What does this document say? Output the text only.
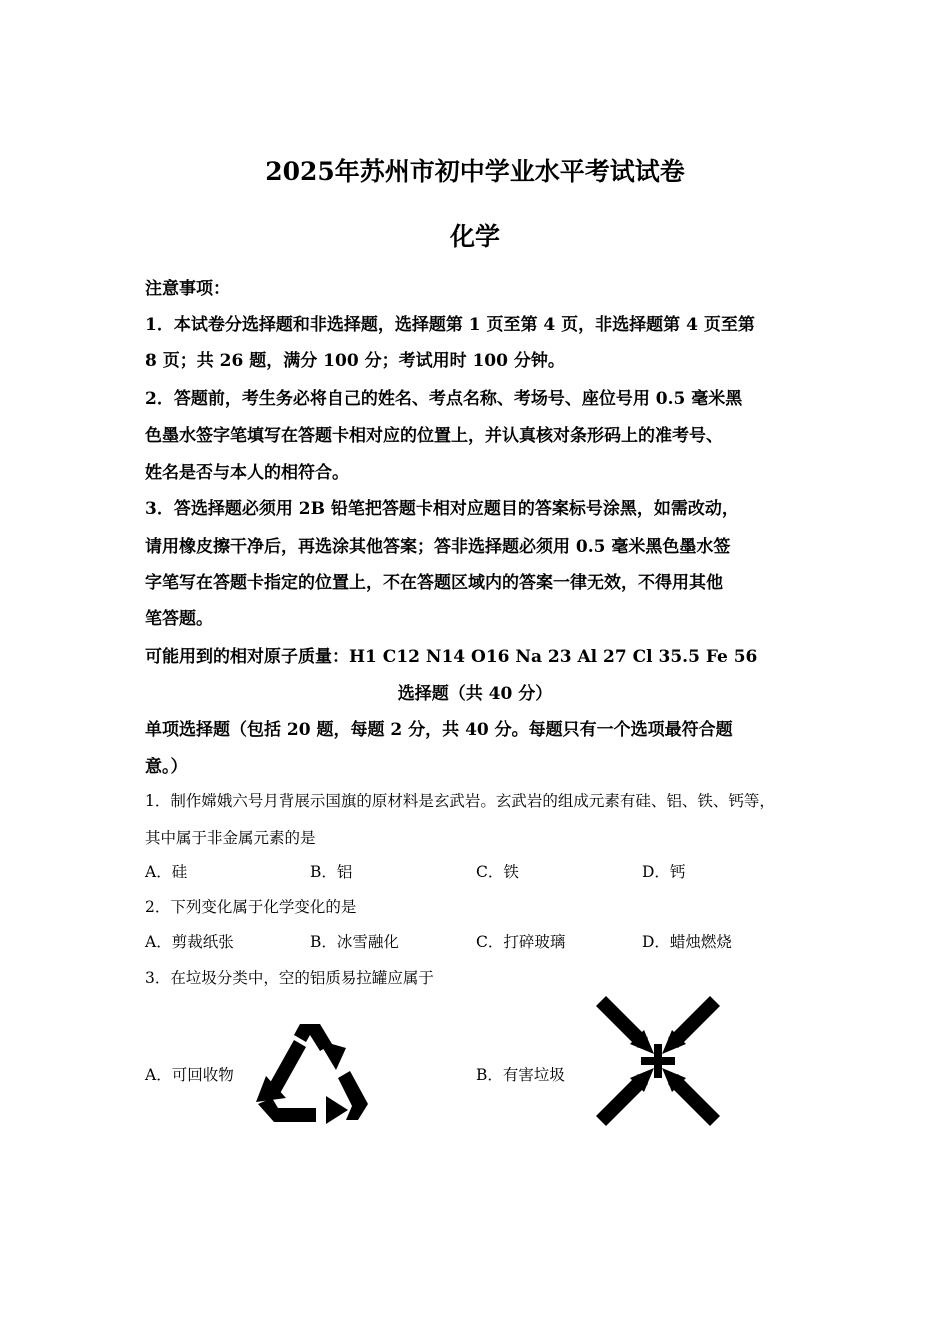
2025年苏州市初中学业水平考试试卷
化学
注意事项：
1．本试卷分选择题和非选择题，选择题第 1 页至第 4 页，非选择题第 4 页至第
8 页；共 26 题，满分 100 分；考试用时 100 分钟。
2．答题前，考生务必将自己的姓名、考点名称、考场号、座位号用 0.5 毫米黑
色墨水签字笔填写在答题卡相对应的位置上，并认真核对条形码上的准考号、
姓名是否与本人的相符合。
3．答选择题必须用 2B 铅笔把答题卡相对应题目的答案标号涂黑，如需改动，
请用橡皮擦干净后，再选涂其他答案；答非选择题必须用 0.5 毫米黑色墨水签
字笔写在答题卡指定的位置上，不在答题区域内的答案一律无效，不得用其他
笔答题。
可能用到的相对原子质量：H1 C12 N14 O16 Na 23 Al 27 Cl 35.5 Fe 56
选择题（共 40 分）
单项选择题（包括 20 题，每题 2 分，共 40 分。每题只有一个选项最符合题
意。）
1．制作嫦娥六号月背展示国旗的原材料是玄武岩。玄武岩的组成元素有硅、铝、铁、钙等，
其中属于非金属元素的是
A．硅	B．铝	C．铁	D．钙
2．下列变化属于化学变化的是
A．剪裁纸张	B．冰雪融化	C．打碎玻璃	D．蜡烛燃烧
3．在垃圾分类中，空的铝质易拉罐应属于
A．可回收物	B．有害垃圾
